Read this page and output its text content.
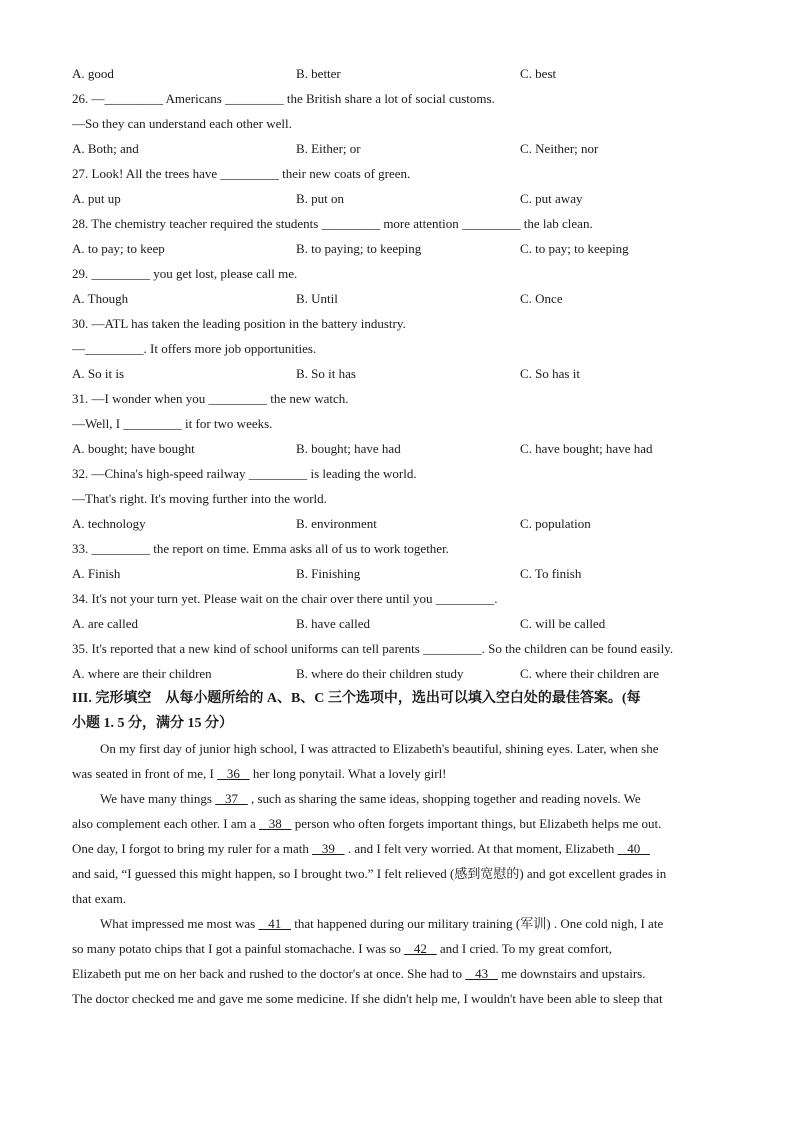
A. good	B. better	C. best
26. —_________ Americans _________ the British share a lot of social customs.
—So they can understand each other well.
A. Both; and	B. Either; or	C. Neither; nor
27. Look! All the trees have _________ their new coats of green.
A. put up	B. put on	C. put away
28. The chemistry teacher required the students _________ more attention _________ the lab clean.
A. to pay; to keep	B. to paying; to keeping	C. to pay; to keeping
29. _________ you get lost, please call me.
A. Though	B. Until	C. Once
30. —ATL has taken the leading position in the battery industry.
—_________. It offers more job opportunities.
A. So it is	B. So it has	C. So has it
31. —I wonder when you _________ the new watch.
—Well, I _________ it for two weeks.
A. bought; have bought	B. bought; have had	C. have bought; have had
32. —China's high-speed railway _________ is leading the world.
—That's right. It's moving further into the world.
A. technology	B. environment	C. population
33. _________ the report on time. Emma asks all of us to work together.
A. Finish	B. Finishing	C. To finish
34. It's not your turn yet. Please wait on the chair over there until you _________.
A. are called	B. have called	C. will be called
35. It's reported that a new kind of school uniforms can tell parents _________. So the children can be found easily.
A. where are their children	B. where do their children study	C. where their children are
III. 完形填空　从每小题所给的 A、B、C 三个选项中，选出可以填入空白处的最佳答案。(每
小题 1. 5 分，满分 15 分）
On my first day of junior high school, I was attracted to Elizabeth's beautiful, shining eyes. Later, when she
was seated in front of me, I    36    her long ponytail. What a lovely girl!
We have many things    37    , such as sharing the same ideas, shopping together and reading novels. We
also complement each other. I am a    38    person who often forgets important things, but Elizabeth helps me out.
One day, I forgot to bring my ruler for a math    39    . and I felt very worried. At that moment, Elizabeth    40
and said, “I guessed this might happen, so I brought two.” I felt relieved (感到宽慰的) and got excellent grades in
that exam.
What impressed me most was    41    that happened during our military training (军训) . One cold nigh, I ate
so many potato chips that I got a painful stomachache. I was so    42    and I cried. To my great comfort,
Elizabeth put me on her back and rushed to the doctor's at once. She had to    43    me downstairs and upstairs.
The doctor checked me and gave me some medicine. If she didn't help me, I wouldn't have been able to sleep that
